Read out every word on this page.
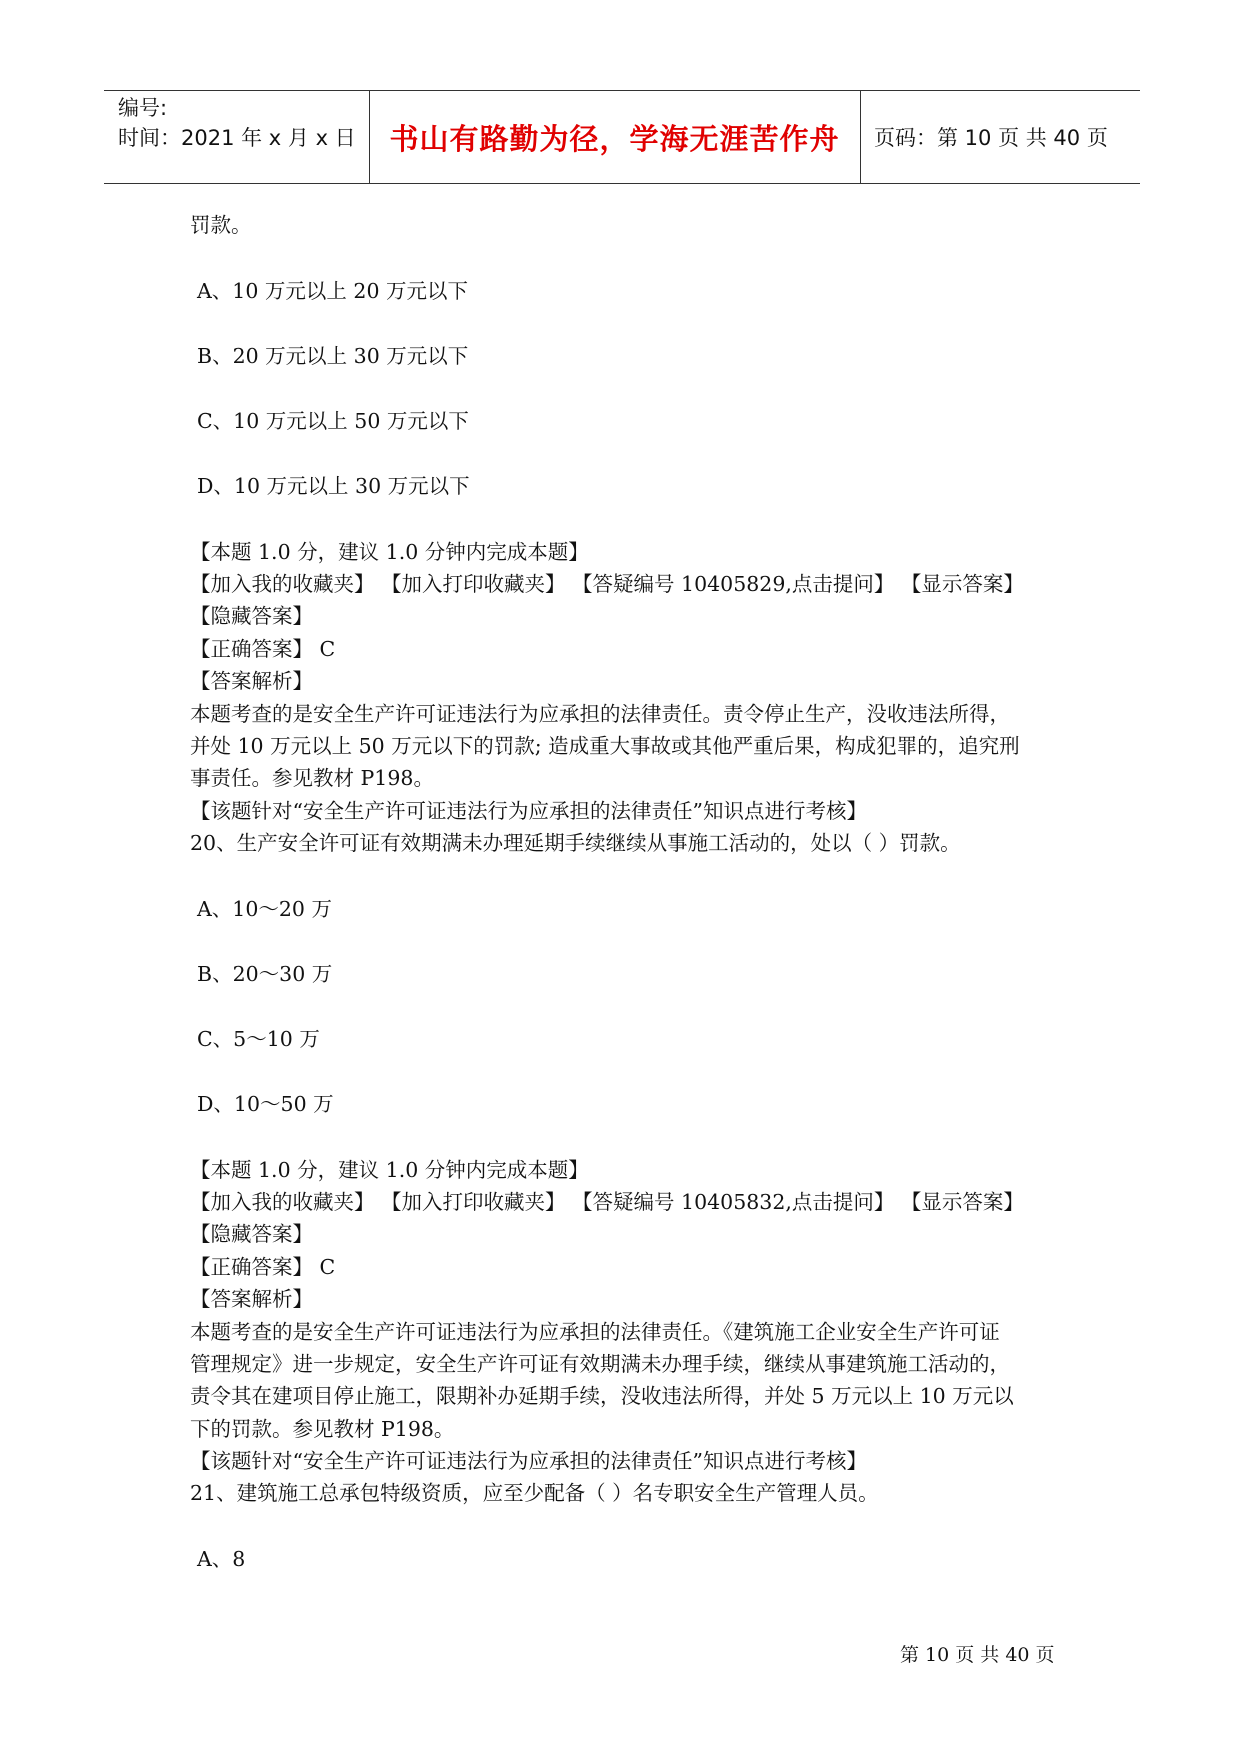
编号:
时间：2021 年 x 月 x 日	书山有路勤为径，学海无涯苦作舟	页码：第 10 页 共 40 页
罚款。
A、10 万元以上 20 万元以下
B、20 万元以上 30 万元以下
C、10 万元以上 50 万元以下
D、10 万元以上 30 万元以下
【本题 1.0 分，建议 1.0 分钟内完成本题】
【加入我的收藏夹】 【加入打印收藏夹】 【答疑编号 10405829,点击提问】 【显示答案】
【隐藏答案】
【正确答案】 C
【答案解析】
本题考查的是安全生产许可证违法行为应承担的法律责任。责令停止生产，没收违法所得，
并处 10 万元以上 50 万元以下的罚款; 造成重大事故或其他严重后果，构成犯罪的，追究刑
事责任。参见教材 P198。
【该题针对“安全生产许可证违法行为应承担的法律责任”知识点进行考核】
20、生产安全许可证有效期满未办理延期手续继续从事施工活动的，处以（ ）罚款。
A、10～20 万
B、20～30 万
C、5～10 万
D、10～50 万
【本题 1.0 分，建议 1.0 分钟内完成本题】
【加入我的收藏夹】 【加入打印收藏夹】 【答疑编号 10405832,点击提问】 【显示答案】
【隐藏答案】
【正确答案】 C
【答案解析】
本题考查的是安全生产许可证违法行为应承担的法律责任。《建筑施工企业安全生产许可证
管理规定》进一步规定，安全生产许可证有效期满未办理手续，继续从事建筑施工活动的，
责令其在建项目停止施工，限期补办延期手续，没收违法所得，并处 5 万元以上 10 万元以
下的罚款。参见教材 P198。
【该题针对“安全生产许可证违法行为应承担的法律责任”知识点进行考核】
21、建筑施工总承包特级资质，应至少配备（ ）名专职安全生产管理人员。
A、8
第 10 页 共 40 页
